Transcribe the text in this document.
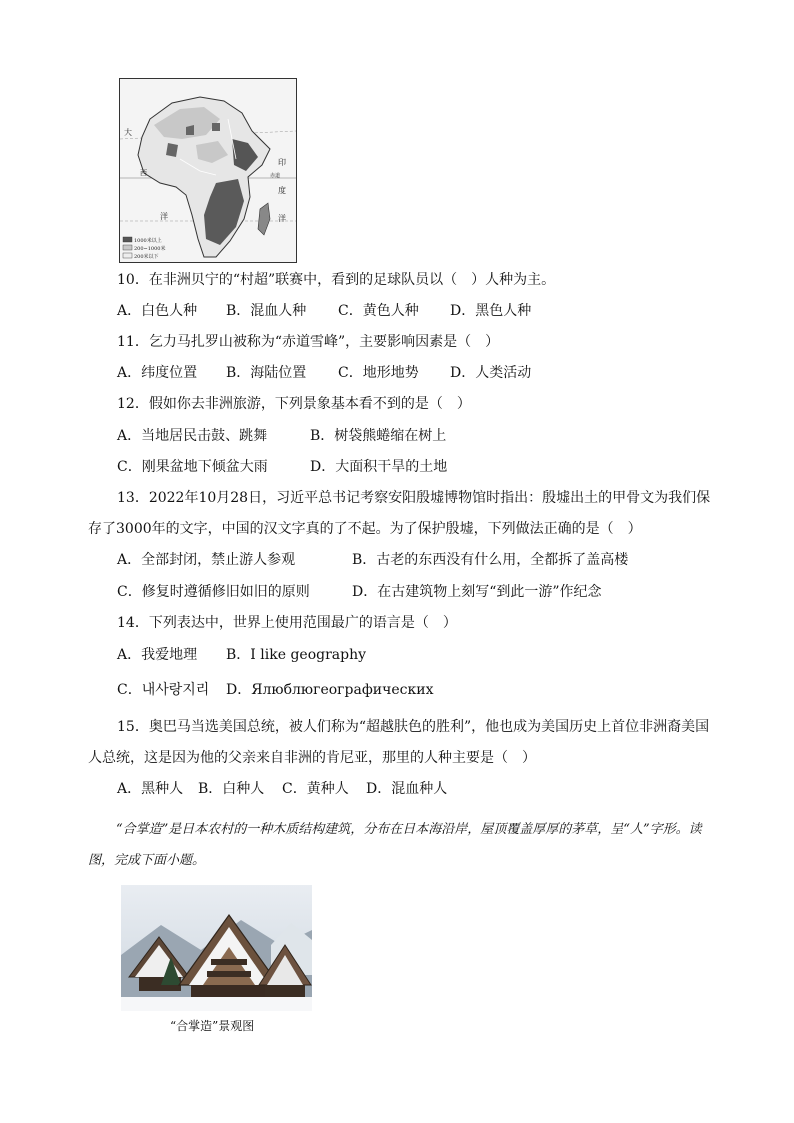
大
西
洋
印
度
洋
赤道
1000米以上
200~1000米
200米以下
10．在非洲贝宁的“村超”联赛中，看到的足球队员以（　）人种为主。
A．白色人种 B．混血人种 C．黄色人种 D．黑色人种
11．乞力马扎罗山被称为“赤道雪峰”，主要影响因素是（　）
A．纬度位置 B．海陆位置 C．地形地势 D．人类活动
12．假如你去非洲旅游，下列景象基本看不到的是（　）
A．当地居民击鼓、跳舞	B．树袋熊蜷缩在树上
C．刚果盆地下倾盆大雨	D．大面积干旱的土地
13．2022年10月28日，习近平总书记考察安阳殷墟博物馆时指出：殷墟出土的甲骨文为我们保
存了3000年的文字，中国的汉文字真的了不起。为了保护殷墟，下列做法正确的是（　）
A．全部封闭，禁止游人参观	B．古老的东西没有什么用，全都拆了盖高楼
C．修复时遵循修旧如旧的原则	D．在古建筑物上刻写“到此一游”作纪念
14．下列表达中，世界上使用范围最广的语言是（　）
A．我爱地理 B．I like geography
C．내사랑지리 D．Ялюблюгеографических
15．奥巴马当选美国总统，被人们称为“超越肤色的胜利”，他也成为美国历史上首位非洲裔美国
人总统，这是因为他的父亲来自非洲的肯尼亚，那里的人种主要是（　）
A．黑种人 B．白种人 C．黄种人 D．混血种人
“合掌造”是日本农村的一种木质结构建筑，分布在日本海沿岸，屋顶覆盖厚厚的茅草，呈“人”字形。读图，完成下面小题。
“合掌造”景观图
